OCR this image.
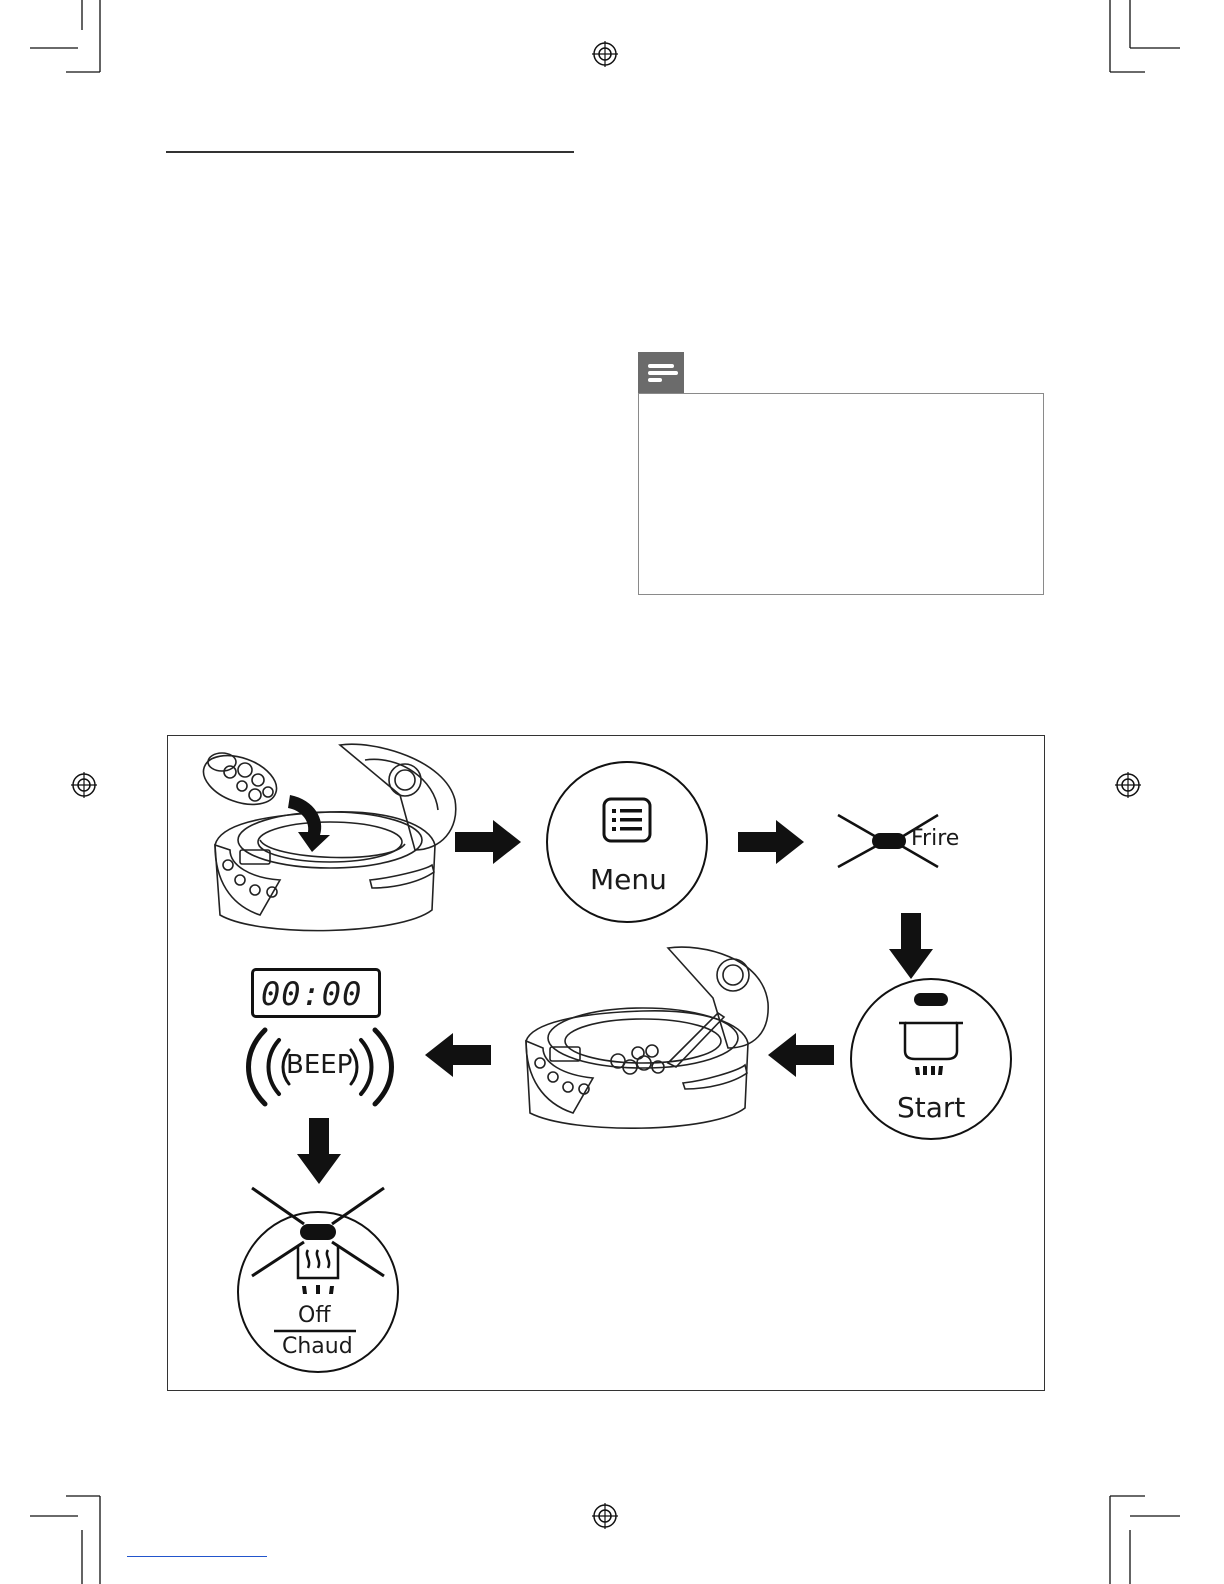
Menu
Frire
Start
00:00
BEEP
Off
Chaud
